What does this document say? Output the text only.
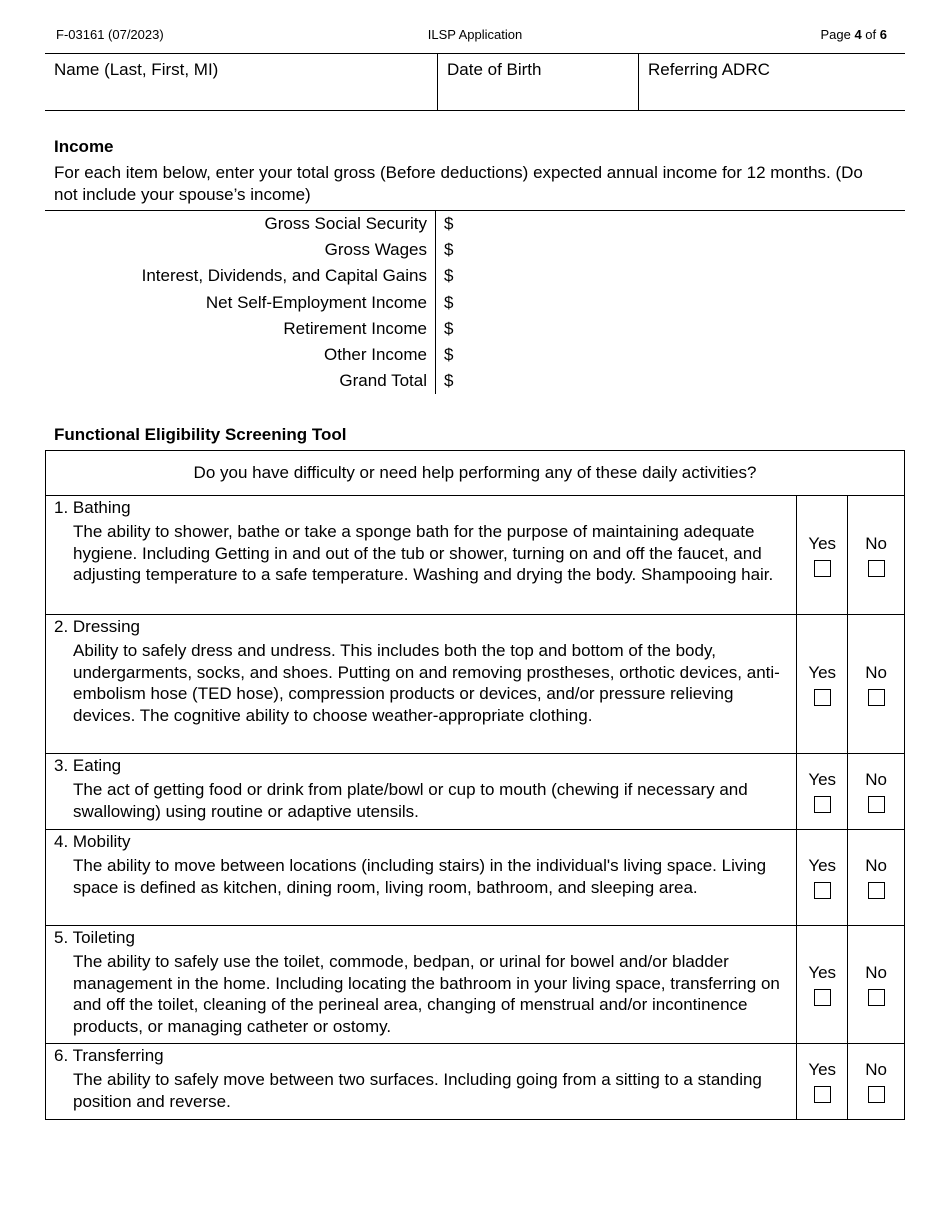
F-03161 (07/2023)	ILSP Application	Page 4 of 6
Name (Last, First, MI)	Date of Birth	Referring ADRC
Income
For each item below, enter your total gross (Before deductions) expected annual income for 12 months. (Do not include your spouse’s income)
Gross Social Security $
Gross Wages $
Interest, Dividends, and Capital Gains $
Net Self-Employment Income $
Retirement Income $
Other Income $
Grand Total $
Functional Eligibility Screening Tool
Do you have difficulty or need help performing any of these daily activities?
1. Bathing
The ability to shower, bathe or take a sponge bath for the purpose of maintaining adequate hygiene. Including Getting in and out of the tub or shower, turning on and off the faucet, and adjusting temperature to a safe temperature. Washing and drying the body. Shampooing hair.
Yes No
2. Dressing
Ability to safely dress and undress. This includes both the top and bottom of the body, undergarments, socks, and shoes. Putting on and removing prostheses, orthotic devices, anti-embolism hose (TED hose), compression products or devices, and/or pressure relieving devices. The cognitive ability to choose weather-appropriate clothing.
Yes No
3. Eating
The act of getting food or drink from plate/bowl or cup to mouth (chewing if necessary and swallowing) using routine or adaptive utensils.
Yes No
4. Mobility
The ability to move between locations (including stairs) in the individual's living space. Living space is defined as kitchen, dining room, living room, bathroom, and sleeping area.
Yes No
5. Toileting
The ability to safely use the toilet, commode, bedpan, or urinal for bowel and/or bladder management in the home. Including locating the bathroom in your living space, transferring on and off the toilet, cleaning of the perineal area, changing of menstrual and/or incontinence products, or managing catheter or ostomy.
Yes No
6. Transferring
The ability to safely move between two surfaces. Including going from a sitting to a standing position and reverse.
Yes No
